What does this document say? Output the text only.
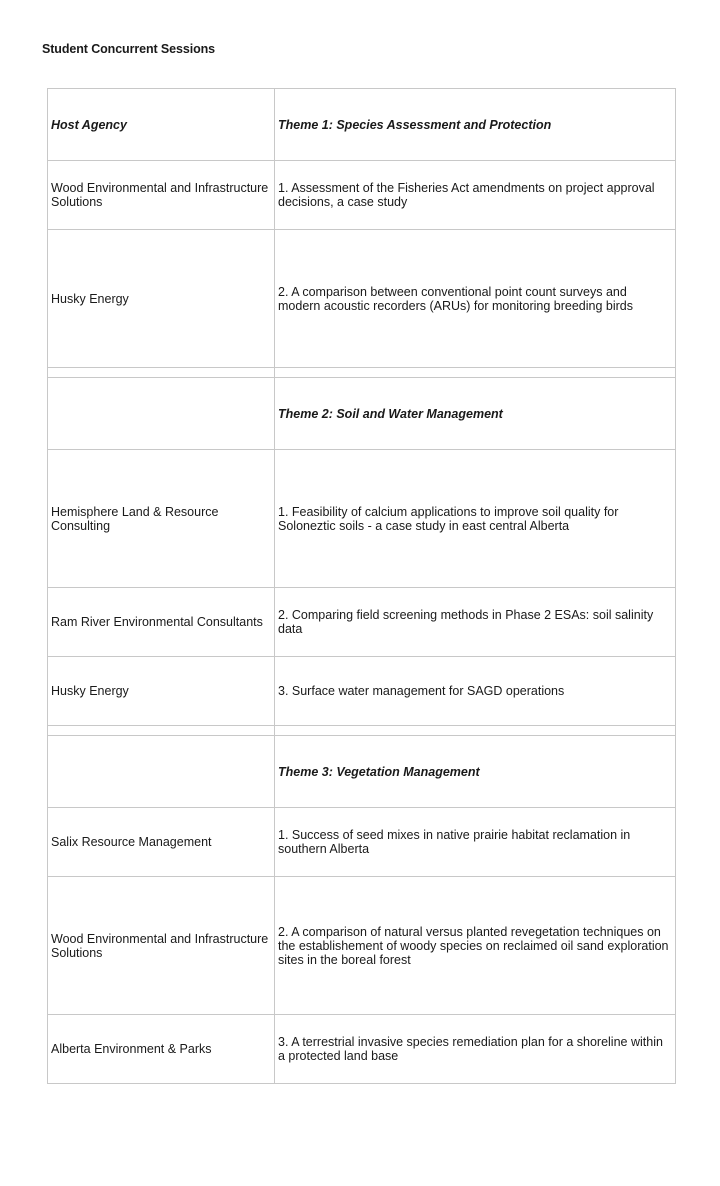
Student Concurrent Sessions
Host Agency	Theme 1: Species Assessment and Protection
Wood Environmental and Infrastructure Solutions	1. Assessment of the Fisheries Act amendments on project approval decisions, a case study
Husky Energy	2. A comparison between conventional point count surveys and modern acoustic recorders (ARUs) for monitoring breeding birds

	Theme 2: Soil and Water Management
Hemisphere Land & Resource Consulting	1. Feasibility of calcium applications to improve soil quality for Soloneztic soils - a case study in east central Alberta
Ram River Environmental Consultants	2. Comparing field screening methods in Phase 2 ESAs: soil salinity data
Husky Energy	3. Surface water management for SAGD operations

	Theme 3: Vegetation Management
Salix Resource Management	1. Success of seed mixes in native prairie habitat reclamation in southern Alberta
Wood Environmental and Infrastructure Solutions	2. A comparison of natural versus planted revegetation techniques on the establishement of woody species on reclaimed oil sand exploration sites in the boreal forest
Alberta Environment & Parks	3. A terrestrial invasive species remediation plan for a shoreline within a protected land base
